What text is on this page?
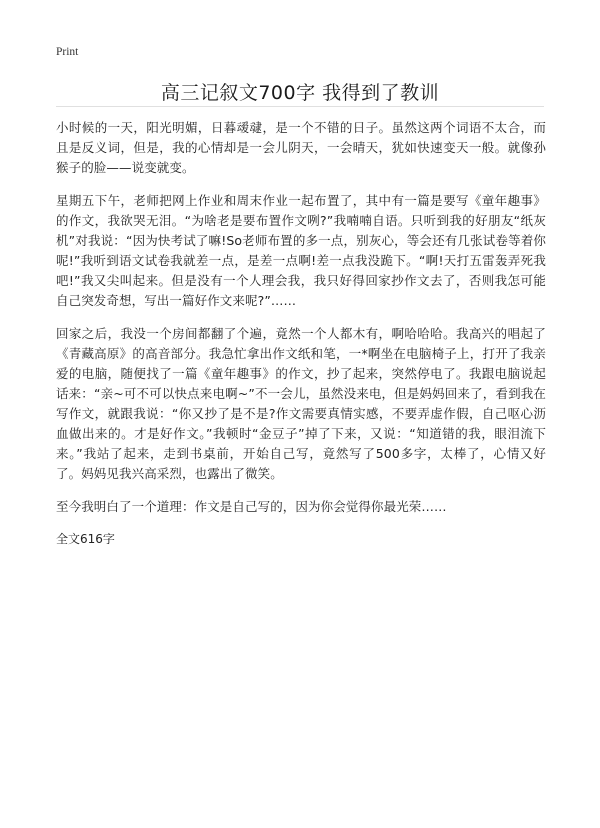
Print
高三记叙文700字 我得到了教训

小时候的一天，阳光明媚，日暮叆叇，是一个不错的日子。虽然这两个词语不太合，而且是反义词，但是，我的心情却是一会儿阴天，一会晴天，犹如快速变天一般。就像孙猴子的脸——说变就变。

星期五下午，老师把网上作业和周末作业一起布置了，其中有一篇是要写《童年趣事》的作文，我欲哭无泪。“为啥老是要布置作文咧?”我喃喃自语。只听到我的好朋友“纸灰机”对我说：“因为快考试了嘛!So老师布置的多一点，别灰心，等会还有几张试卷等着你呢!”我听到语文试卷我就差一点，是差一点啊!差一点我没跪下。“啊!天打五雷轰弄死我吧!”我又尖叫起来。但是没有一个人理会我，我只好得回家抄作文去了，否则我怎可能自己突发奇想，写出一篇好作文来呢?”……

回家之后，我没一个房间都翻了个遍，竟然一个人都木有，啊哈哈哈。我高兴的唱起了《青藏高原》的高音部分。我急忙拿出作文纸和笔，一*啊坐在电脑椅子上，打开了我亲爱的电脑，随便找了一篇《童年趣事》的作文，抄了起来，突然停电了。我跟电脑说起话来：“亲~可不可以快点来电啊~”不一会儿，虽然没来电，但是妈妈回来了，看到我在写作文，就跟我说：“你又抄了是不是?作文需要真情实感，不要弄虚作假，自己呕心沥血做出来的。才是好作文。”我顿时“金豆子”掉了下来，又说：“知道错的我，眼泪流下来。”我站了起来，走到书桌前，开始自己写，竟然写了500多字，太棒了，心情又好了。妈妈见我兴高采烈，也露出了微笑。

至今我明白了一个道理：作文是自己写的，因为你会觉得你最光荣……

全文616字
